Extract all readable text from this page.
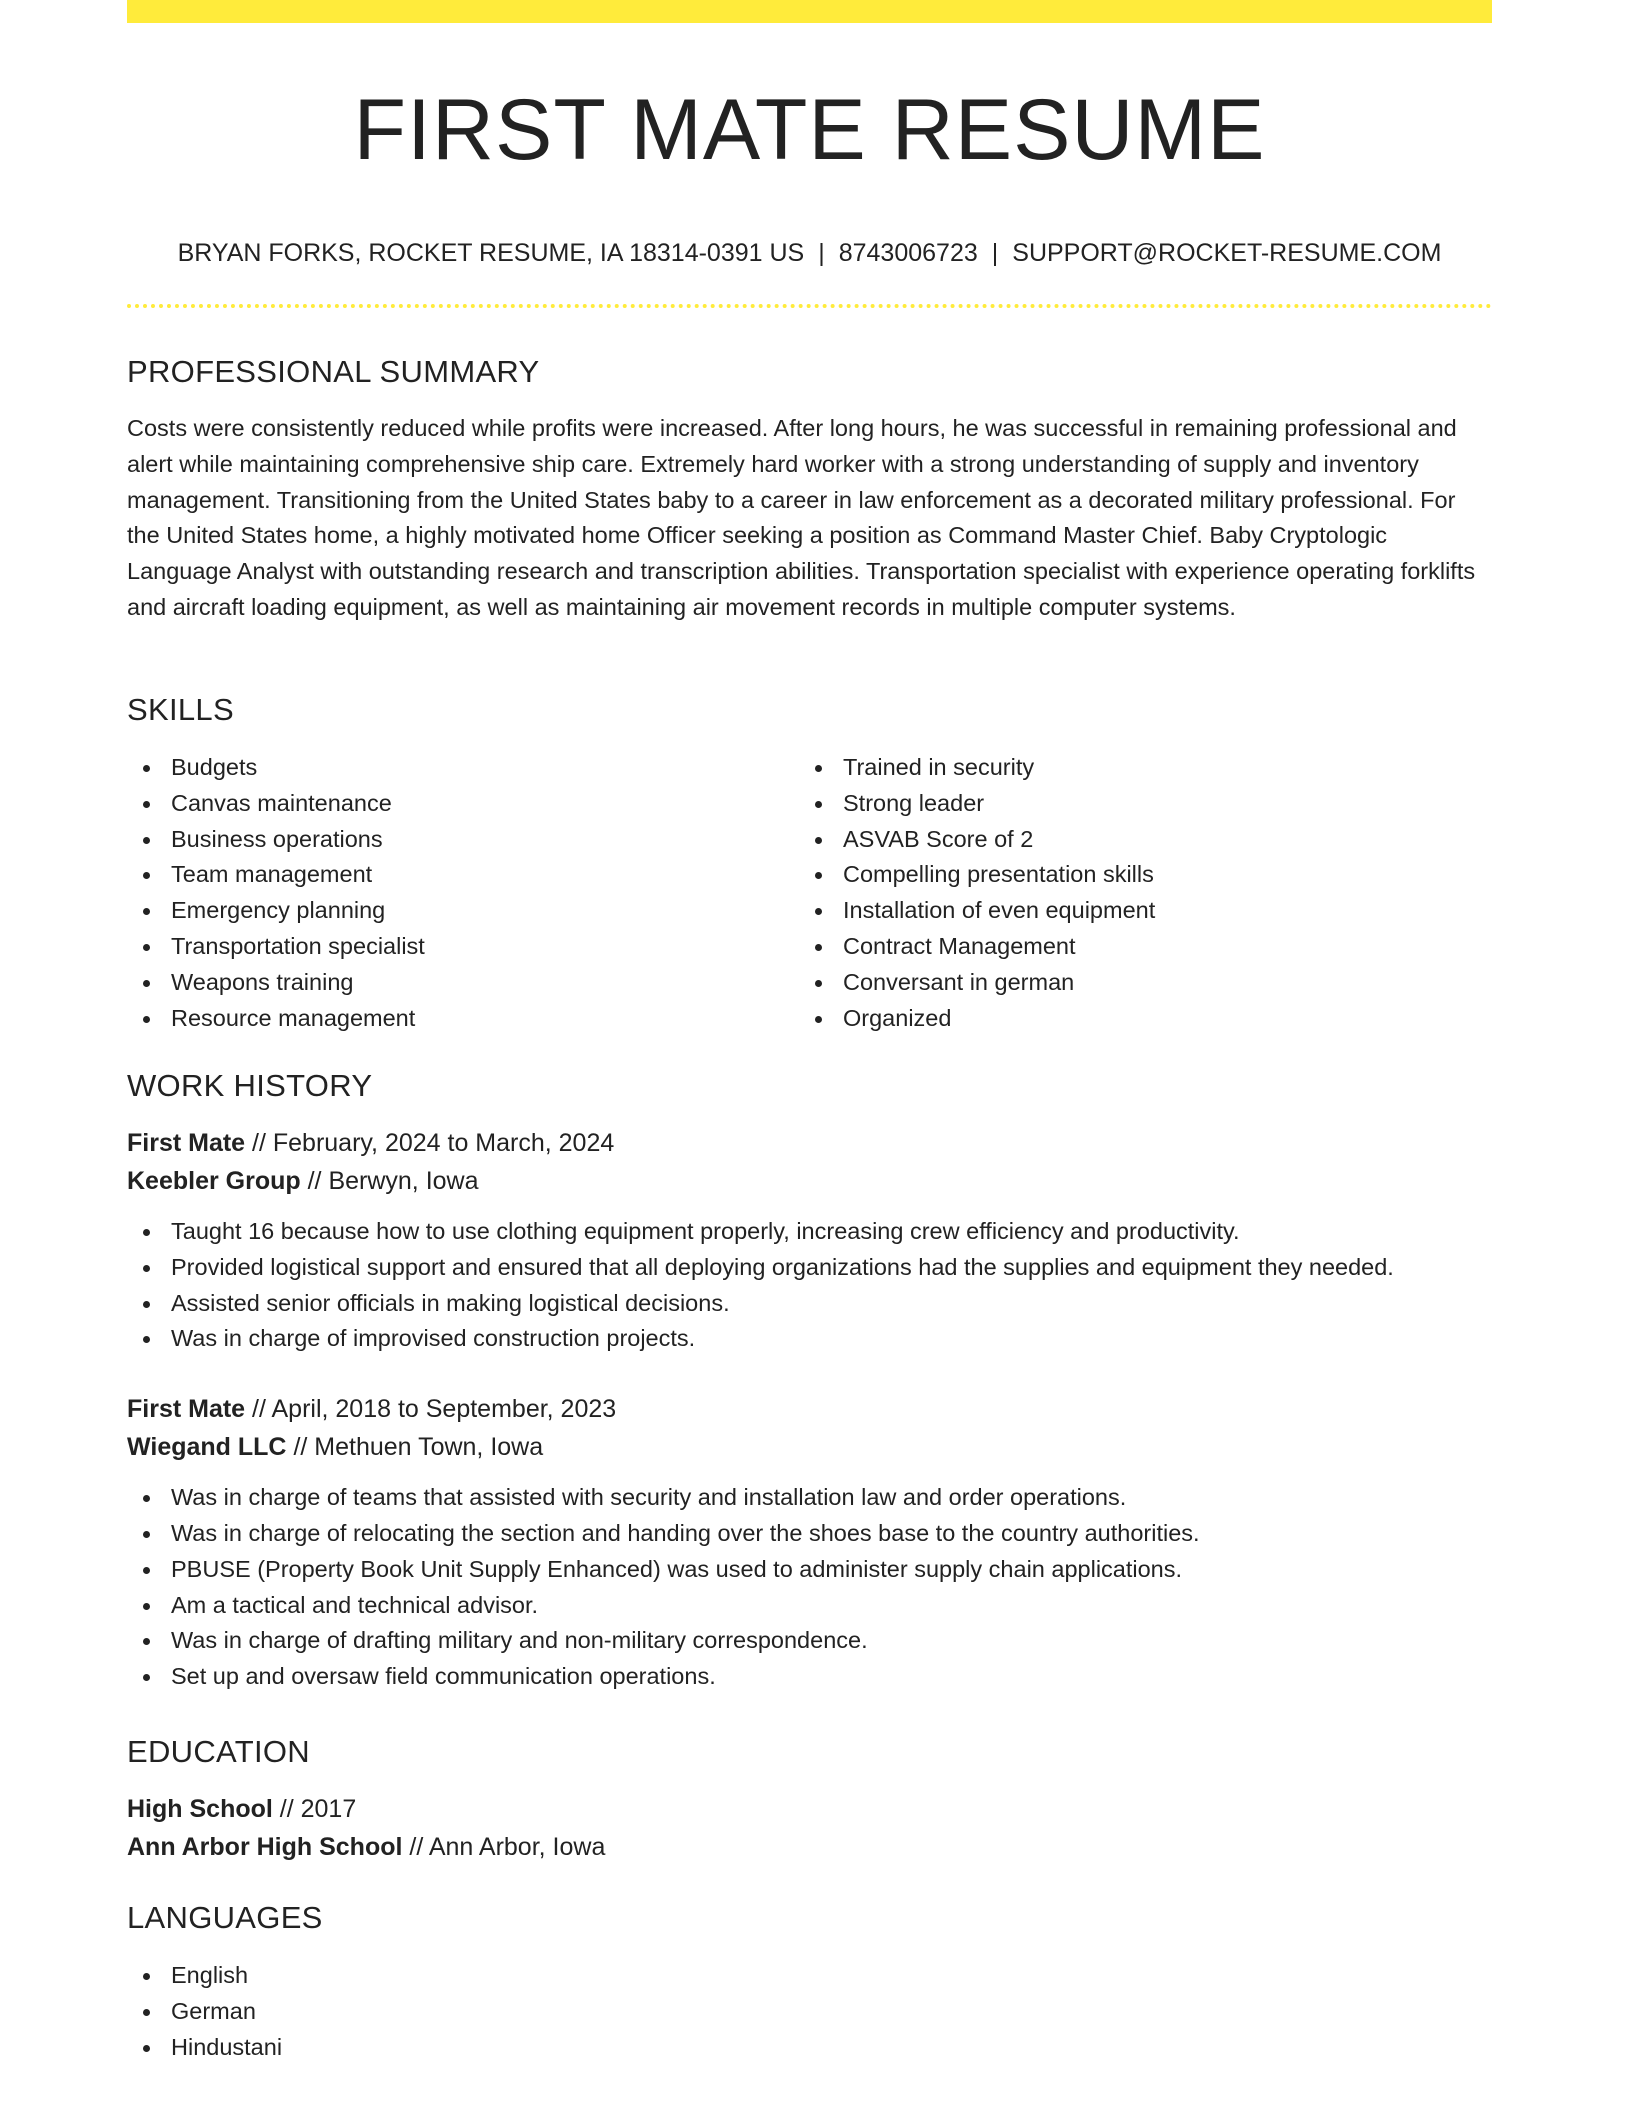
FIRST MATE RESUME
BRYAN FORKS, ROCKET RESUME, IA 18314-0391 US | 8743006723 | SUPPORT@ROCKET-RESUME.COM
PROFESSIONAL SUMMARY

Costs were consistently reduced while profits were increased. After long hours, he was successful in remaining professional and alert while maintaining comprehensive ship care. Extremely hard worker with a strong understanding of supply and inventory management. Transitioning from the United States baby to a career in law enforcement as a decorated military professional. For the United States home, a highly motivated home Officer seeking a position as Command Master Chief. Baby Cryptologic Language Analyst with outstanding research and transcription abilities. Transportation specialist with experience operating forklifts and aircraft loading equipment, as well as maintaining air movement records in multiple computer systems.

SKILLS
Budgets
Canvas maintenance
Business operations
Team management
Emergency planning
Transportation specialist
Weapons training
Resource management
Trained in security
Strong leader
ASVAB Score of 2
Compelling presentation skills
Installation of even equipment
Contract Management
Conversant in german
Organized
WORK HISTORY
First Mate // February, 2024 to March, 2024
Keebler Group // Berwyn, Iowa
Taught 16 because how to use clothing equipment properly, increasing crew efficiency and productivity.
Provided logistical support and ensured that all deploying organizations had the supplies and equipment they needed.
Assisted senior officials in making logistical decisions.
Was in charge of improvised construction projects.
First Mate // April, 2018 to September, 2023
Wiegand LLC // Methuen Town, Iowa
Was in charge of teams that assisted with security and installation law and order operations.
Was in charge of relocating the section and handing over the shoes base to the country authorities.
PBUSE (Property Book Unit Supply Enhanced) was used to administer supply chain applications.
Am a tactical and technical advisor.
Was in charge of drafting military and non-military correspondence.
Set up and oversaw field communication operations.
EDUCATION
High School // 2017
Ann Arbor High School // Ann Arbor, Iowa
LANGUAGES
English
German
Hindustani
